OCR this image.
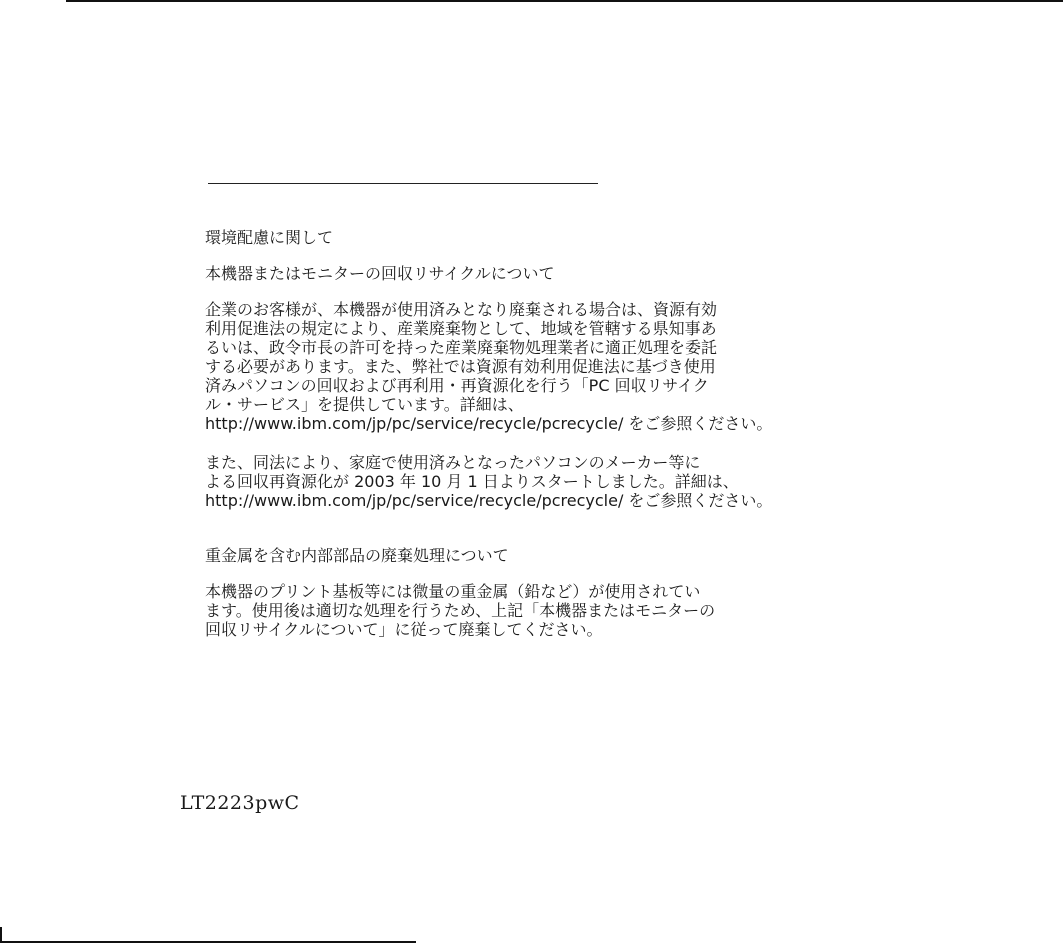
環境配慮に関して
本機器またはモニターの回収リサイクルについて
企業のお客様が、本機器が使用済みとなり廃棄される場合は、資源有効
利用促進法の規定により、産業廃棄物として、地域を管轄する県知事あ
るいは、政令市長の許可を持った産業廃棄物処理業者に適正処理を委託
する必要があります。また、弊社では資源有効利用促進法に基づき使用
済みパソコンの回収および再利用・再資源化を行う「PC 回収リサイク
ル・サービス」を提供しています。詳細は、
http://www.ibm.com/jp/pc/service/recycle/pcrecycle/ をご参照ください。
また、同法により、家庭で使用済みとなったパソコンのメーカー等に
よる回収再資源化が 2003 年 10 月 1 日よりスタートしました。詳細は、
http://www.ibm.com/jp/pc/service/recycle/pcrecycle/ をご参照ください。
重金属を含む内部部品の廃棄処理について
本機器のプリント基板等には微量の重金属（鉛など）が使用されてい
ます。使用後は適切な処理を行うため、上記「本機器またはモニターの
回収リサイクルについて」に従って廃棄してください。
LT2223pwC
